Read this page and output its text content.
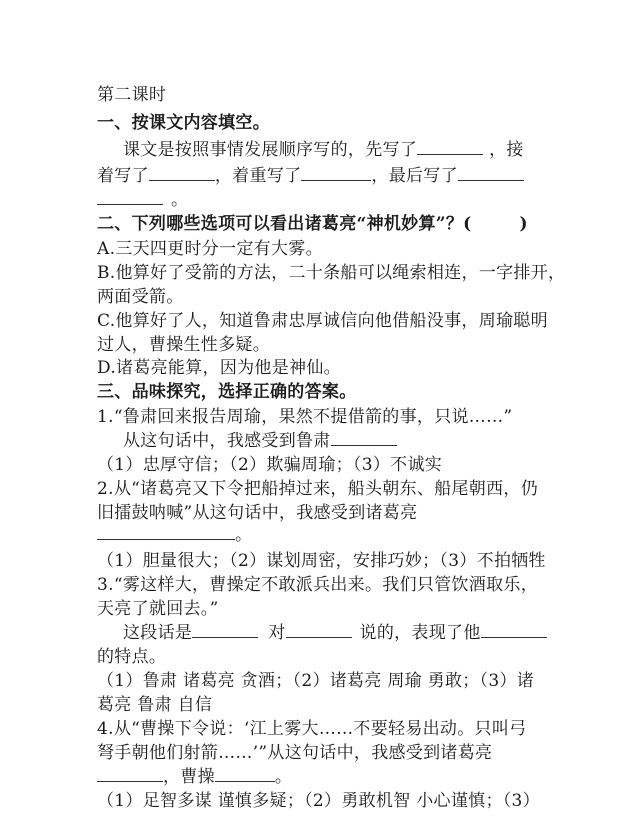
第二课时
一、按课文内容填空。
课文是按照事情发展顺序写的，先写了	，接
着写了	，着重写了	，最后写了
。
二、下列哪些选项可以看出诸葛亮“神机妙算”？(	)
A.三天四更时分一定有大雾。
B.他算好了受箭的方法，二十条船可以绳索相连，一字排开，
两面受箭。
C.他算好了人，知道鲁肃忠厚诚信向他借船没事，周瑜聪明
过人，曹操生性多疑。
D.诸葛亮能算，因为他是神仙。
三、品味探究，选择正确的答案。
1.“鲁肃回来报告周瑜，果然不提借箭的事，只说……”
从这句话中，我感受到鲁肃
（1）忠厚守信；（2）欺骗周瑜；（3）不诚实
2.从“诸葛亮又下令把船掉过来，船头朝东、船尾朝西，仍
旧擂鼓呐喊”从这句话中，我感受到诸葛亮
。
（1）胆量很大；（2）谋划周密，安排巧妙；（3）不拍牺牲
3.“雾这样大，曹操定不敢派兵出来。我们只管饮酒取乐，
天亮了就回去。”
这段话是	对	说的，表现了他
的特点。
（1）鲁肃 诸葛亮 贪酒；（2）诸葛亮 周瑜 勇敢；（3）诸
葛亮 鲁肃 自信
4.从“曹操下令说：‘江上雾大……不要轻易出动。只叫弓
弩手朝他们射箭……’”从这句话中，我感受到诸葛亮
，曹操	。
（1）足智多谋 谨慎多疑；（2）勇敢机智 小心谨慎；（3）
